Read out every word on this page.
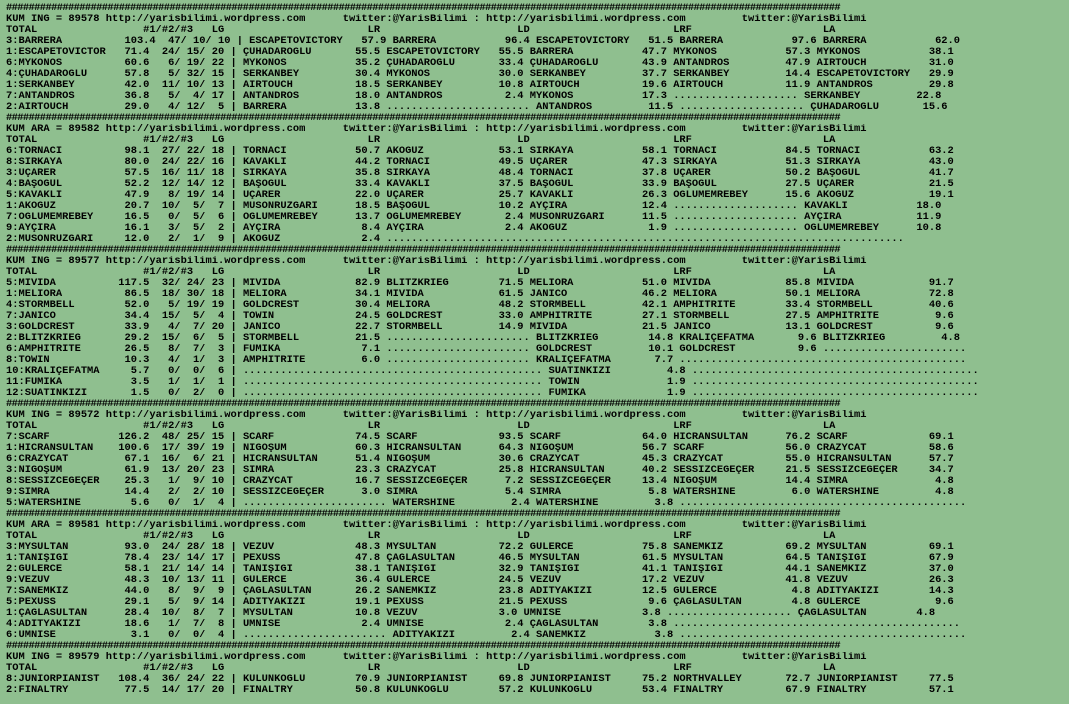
####################################################################################################################################################
KUM ING = 89578 http://yarisbilimi.wordpress.com      twitter:@YarisBilimi : http://yarisbilimi.wordpress.com         twitter:@YarisBilimi
TOTAL                 #1/#2/#3   LG                       LR                      LD                       LRF                     LA
3:BARRERA          103.4  47/ 10/ 10 | ESCAPETOVICTORY   57.9 BARRERA           96.4 ESCAPETOVICTORY   51.5 BARRERA           97.6 BARRERA           62.0
1:ESCAPETOVICTOR   71.4  24/ 15/ 20 | ÇUHADAROĞLU       55.5 ESCAPETOVICTORY   55.5 BARRERA           47.7 MYKONOS           57.3 MYKONOS           38.1
6:MYKONOS          60.6   6/ 19/ 22 | MYKONOS           35.2 ÇUHADAROĞLU       33.4 ÇUHADAROĞLU       43.9 ANTANDROS         47.9 AIRTOUCH          31.0
4:ÇUHADAROĞLU      57.8   5/ 32/ 15 | SERKANBEY         30.4 MYKONOS           30.0 SERKANBEY         37.7 SERKANBEY         14.4 ESCAPETOVICTORY   29.9
1:SERKANBEY        42.0  11/ 10/ 13 | AIRTOUCH          18.5 SERKANBEY         10.8 AIRTOUCH          19.6 AIRTOUCH          11.9 ANTANDROS         29.8
7:ANTANDROS        36.8   5/  4/ 17 | ANTANDROS         18.0 ANTANDROS          2.4 MYKONOS           17.3 .................... SERKANBEY         22.8
2:AIRTOUCH         29.0   4/ 12/  5 | BARRERA           13.8 ....................... ANTANDROS         11.5 .................... ÇUHADAROĞLU       15.6
####################################################################################################################################################
KUM ARA = 89582 http://yarisbilimi.wordpress.com      twitter:@YarisBilimi : http://yarisbilimi.wordpress.com         twitter:@YarisBilimi
TOTAL                 #1/#2/#3   LG                       LR                      LD                       LRF                     LA
6:TORNACI          98.1  27/ 22/ 18 | TORNACI           50.7 AKOĞUZ            53.1 SIRKAYA           58.1 TORNACI           84.5 TORNACI           63.2
8:SIRKAYA          80.0  24/ 22/ 16 | KAVAKLI           44.2 TORNACI           49.5 UÇARER            47.3 SIRKAYA           51.3 SIRKAYA           43.0
3:UÇARER           57.5  16/ 11/ 18 | SIRKAYA           35.8 SIRKAYA           48.4 TORNACI           37.8 UÇARER            50.2 BAŞOĞUL           41.7
4:BAŞOĞUL          52.2  12/ 14/ 12 | BAŞOĞUL           33.4 KAVAKLI           37.5 BAŞOĞUL           33.9 BAŞOĞUL           27.5 UÇARER            21.5
5:KAVAKLI          47.9   8/ 19/ 14 | UÇARER            22.0 UÇARER            25.7 KAVAKLI           26.3 OĞLUMEMREBEY      15.6 AKOĞUZ            19.1
1:AKOĞUZ           20.7  10/  5/  7 | MUSONRÜZGARI      18.5 BAŞOĞUL           10.2 AYÇIRA            12.4 .................... KAVAKLI           18.0
7:OĞLUMEMREBEY     16.5   0/  5/  6 | OĞLUMEMREBEY      13.7 OĞLUMEMREBEY       2.4 MUSONRÜZGARI      11.5 .................... AYÇIRA            11.9
9:AYÇIRA           16.1   3/  5/  2 | AYÇIRA             8.4 AYÇIRA             2.4 AKOĞUZ             1.9 .................... OĞLUMEMREBEY      10.8
2:MUSONRÜZGARI     12.0   2/  1/  9 | AKOĞUZ             2.4 ...................................................................................
####################################################################################################################################################
KUM ING = 89577 http://yarisbilimi.wordpress.com      twitter:@YarisBilimi : http://yarisbilimi.wordpress.com         twitter:@YarisBilimi
TOTAL                 #1/#2/#3   LG                       LR                      LD                       LRF                     LA
5:MIVIDA          117.5  32/ 24/ 23 | MIVIDA            82.9 BLITZKRIEG        71.5 MELIORA           51.0 MIVIDA            85.8 MIVIDA            91.7
1:MELIORA          86.5  18/ 30/ 18 | MELIORA           34.1 MIVIDA            61.5 JANİCO            46.2 MELIORA           50.1 MELIORA           72.8
4:STORMBELL        52.0   5/ 19/ 19 | GOLDCREST         30.4 MELIORA           48.2 STORMBELL         42.1 AMPHITRITE        33.4 STORMBELL         40.6
7:JANİCO           34.4  15/  5/  4 | TOWIN             24.5 GOLDCREST         33.0 AMPHITRITE        27.1 STORMBELL         27.5 AMPHITRITE         9.6
3:GOLDCREST        33.9   4/  7/ 20 | JANİCO            22.7 STORMBELL         14.9 MIVIDA            21.5 JANİCO            13.1 GOLDCREST          9.6
2:BLITZKRIEG       29.2  15/  6/  5 | STORMBELL         21.5 ....................... BLITZKRIEG        14.8 KRALİÇEFATMA       9.6 BLITZKRIEG         4.8
6:AMPHITRITE       26.5   8/  7/  3 | FUMIKA             7.1 ....................... GOLDCREST         10.1 GOLDCREST          9.6 .......................
8:TOWIN            10.3   4/  1/  3 | AMPHITRITE         6.0 ....................... KRALİÇEFATMA       7.7 ..............................................
10:KRALİÇEFATMA     5.7   0/  0/  6 | ................................................ SUATİNKIZI         4.8 ..............................................
11:FUMIKA           3.5   1/  1/  1 | ................................................ TOWIN              1.9 ..............................................
12:SUATİNKIZI       1.5   0/  2/  0 | ................................................ FUMIKA             1.9 ..............................................
####################################################################################################################################################
KUM ING = 89572 http://yarisbilimi.wordpress.com      twitter:@YarisBilimi : http://yarisbilimi.wordpress.com         twitter:@YarisBilimi
TOTAL                 #1/#2/#3   LG                       LR                      LD                       LRF                     LA
7:SCARF           126.2  48/ 25/ 15 | SCARF             74.5 SCARF             93.5 SCARF             64.0 HİCRANSULTAN      76.2 SCARF             69.1
1:HİCRANSULTAN    100.6  17/ 39/ 19 | NİGOŞUM           60.3 HİCRANSULTAN      64.3 NİGOŞUM           56.7 SCARF             56.0 CRAZYCAT          58.6
6:CRAZYCAT         67.1  16/  6/ 21 | HİCRANSULTAN      51.4 NİGOŞUM           30.6 CRAZYCAT          45.3 CRAZYCAT          55.0 HİCRANSULTAN      57.7
3:NİGOŞUM          61.9  13/ 20/ 23 | SIMRA             23.3 CRAZYCAT          25.8 HİCRANSULTAN      40.2 SESSİZCEGEÇER     21.5 SESSİZCEGEÇER     34.7
8:SESSİZCEGEÇER    25.3   1/  9/ 10 | CRAZYCAT          16.7 SESSİZCEGEÇER      7.2 SESSİZCEGEÇER     13.4 NİGOŞUM           14.4 SIMRA              4.8
9:SIMRA            14.4   2/  2/ 10 | SESSİZCEGEÇER      3.0 SIMRA              5.4 SIMRA              5.8 WATERSHINE         6.0 WATERSHINE         4.8
5:WATERSHINE        5.6   0/  1/  4 | ....................... WATERSHINE         2.4 WATERSHINE         3.8 ..............................................
####################################################################################################################################################
KUM ARA = 89581 http://yarisbilimi.wordpress.com      twitter:@YarisBilimi : http://yarisbilimi.wordpress.com         twitter:@YarisBilimi
TOTAL                 #1/#2/#3   LG                       LR                      LD                       LRF                     LA
3:MYSULTAN         93.0  24/ 28/ 18 | VEZÜV             48.3 MYSULTAN          72.2 GÜLERCE           75.8 SANEMKIZ          69.2 MYSULTAN          69.1
1:TANIŞIĞI         78.4  23/ 14/ 17 | PEXUSS            47.8 ÇAĞLASULTAN       46.5 MYSULTAN          61.5 MYSULTAN          64.5 TANIŞIĞI          67.9
2:GÜLERCE          58.1  21/ 14/ 14 | TANIŞIĞI          38.1 TANIŞIĞI          32.9 TANIŞIĞI          41.1 TANIŞIĞI          44.1 SANEMKIZ          37.0
9:VEZÜV            48.3  10/ 13/ 11 | GÜLERCE           36.4 GÜLERCE           24.5 VEZÜV             17.2 VEZÜV             41.8 VEZÜV             26.3
7:SANEMKIZ         44.0   8/  9/  9 | ÇAĞLASULTAN       26.2 SANEMKIZ          23.8 ADİTYAKIZI        12.5 GÜLERCE            4.8 ADİTYAKIZI        14.3
5:PEXUSS           29.1   5/  9/ 14 | ADİTYAKIZI        19.1 PEXUSS            21.5 PEXUSS             9.6 ÇAĞLASULTAN        4.8 GÜLERCE            9.6
1:ÇAĞLASULTAN      28.4  10/  8/  7 | MYSULTAN          10.8 VEZÜV             3.0 UMNISE             3.8 .................... ÇAĞLASULTAN        4.8
4:ADİTYAKIZI       18.6   1/  7/  8 | UMNISE             2.4 UMNISE             2.4 ÇAĞLASULTAN        3.8 ..............................................
6:UMNISE            3.1   0/  0/  4 | ....................... ADİTYAKIZI         2.4 SANEMKIZ           3.8 ..............................................
####################################################################################################################################################
KUM ING = 89579 http://yarisbilimi.wordpress.com      twitter:@YarisBilimi : http://yarisbilimi.wordpress.com         twitter:@YarisBilimi
TOTAL                 #1/#2/#3   LG                       LR                      LD                       LRF                     LA
8:JUNIORPIANIST   108.4  36/ 24/ 22 | KÜLÜNKOĞLU        70.9 JUNIORPIANIST     69.8 JUNIORPIANIST     75.2 NORTHVALLEY       72.7 JUNIORPIANIST     77.5
2:FINALTRY         77.5  14/ 17/ 20 | FINALTRY          50.8 KÜLÜNKOĞLU        57.2 KÜLÜNKOĞLU        53.4 FINALTRY          67.9 FINALTRY          57.1
